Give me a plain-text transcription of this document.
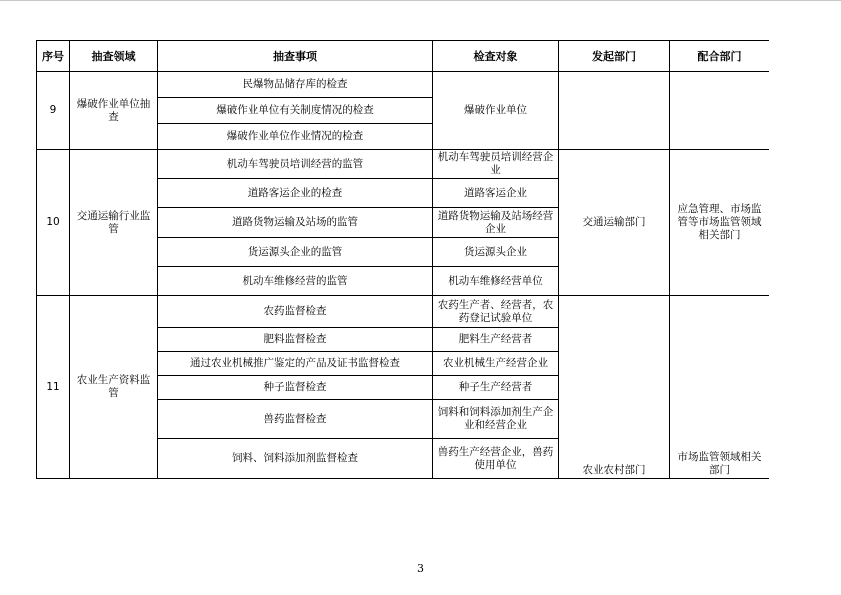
序号	抽查领域	抽查事项	检查对象	发起部门	配合部门
9	爆破作业单位抽查	民爆物品储存库的检查	爆破作业单位		
		爆破作业单位有关制度情况的检查			
		爆破作业单位作业情况的检查			
10	交通运输行业监管	机动车驾驶员培训经营的监管	机动车驾驶员培训经营企业	交通运输部门	应急管理、市场监管等市场监管领域相关部门
		道路客运企业的检查	道路客运企业		
		道路货物运输及站场的监管	道路货物运输及站场经营企业		
		货运源头企业的监管	货运源头企业		
		机动车维修经营的监管	机动车维修经营单位		
11	农业生产资料监管	农药监督检查	农药生产者、经营者，农药登记试验单位	农业农村部门	市场监管领域相关部门
		肥料监督检查	肥料生产经营者		
		通过农业机械推广鉴定的产品及证书监督检查	农业机械生产经营企业		
		种子监督检查	种子生产经营者		
		兽药监督检查	饲料和饲料添加剂生产企业和经营企业		
		饲料、饲料添加剂监督检查	兽药生产经营企业，兽药使用单位		
3
